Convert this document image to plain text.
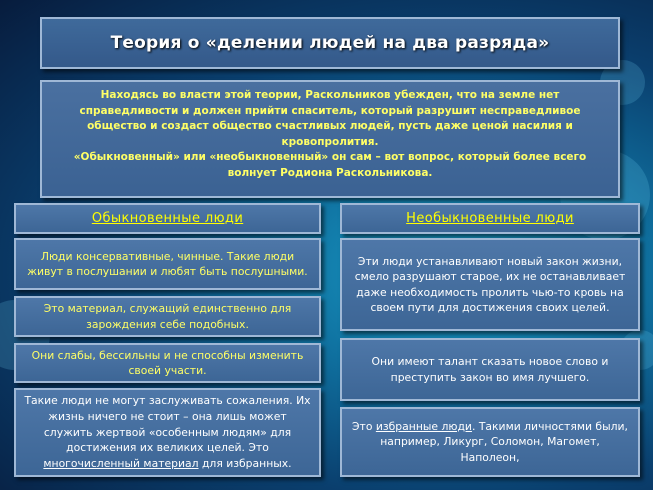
Теория о «делении людей на два разряда»

Находясь во власти этой теории, Раскольников убежден, что на земле нет справедливости и должен прийти спаситель, который разрушит несправедливое общество и создаст общество счастливых людей, пусть даже ценой насилия и кровопролития.

«Обыкновенный» или «необыкновенный» он сам – вот вопрос, который более всего волнует Родиона Раскольникова.

Обыкновенные люди	Необыкновенные люди
Люди консервативные, чинные. Такие люди живут в послушании и любят быть послушными.
Это материал, служащий единственно для зарождения себе подобных.
Они слабы, бессильны и не способны изменить своей участи.
Такие люди не могут заслуживать сожаления. Их жизнь ничего не стоит – она лишь может служить жертвой «особенным людям» для достижения их великих целей. Это многочисленный материал для избранных.
Эти люди устанавливают новый закон жизни, смело разрушают старое, их не останавливает даже необходимость пролить чью-то кровь на своем пути для достижения своих целей.
Они имеют талант сказать новое слово и преступить закон во имя лучшего.
Это избранные люди. Такими личностями были, например, Ликург, Соломон, Магомет, Наполеон,
